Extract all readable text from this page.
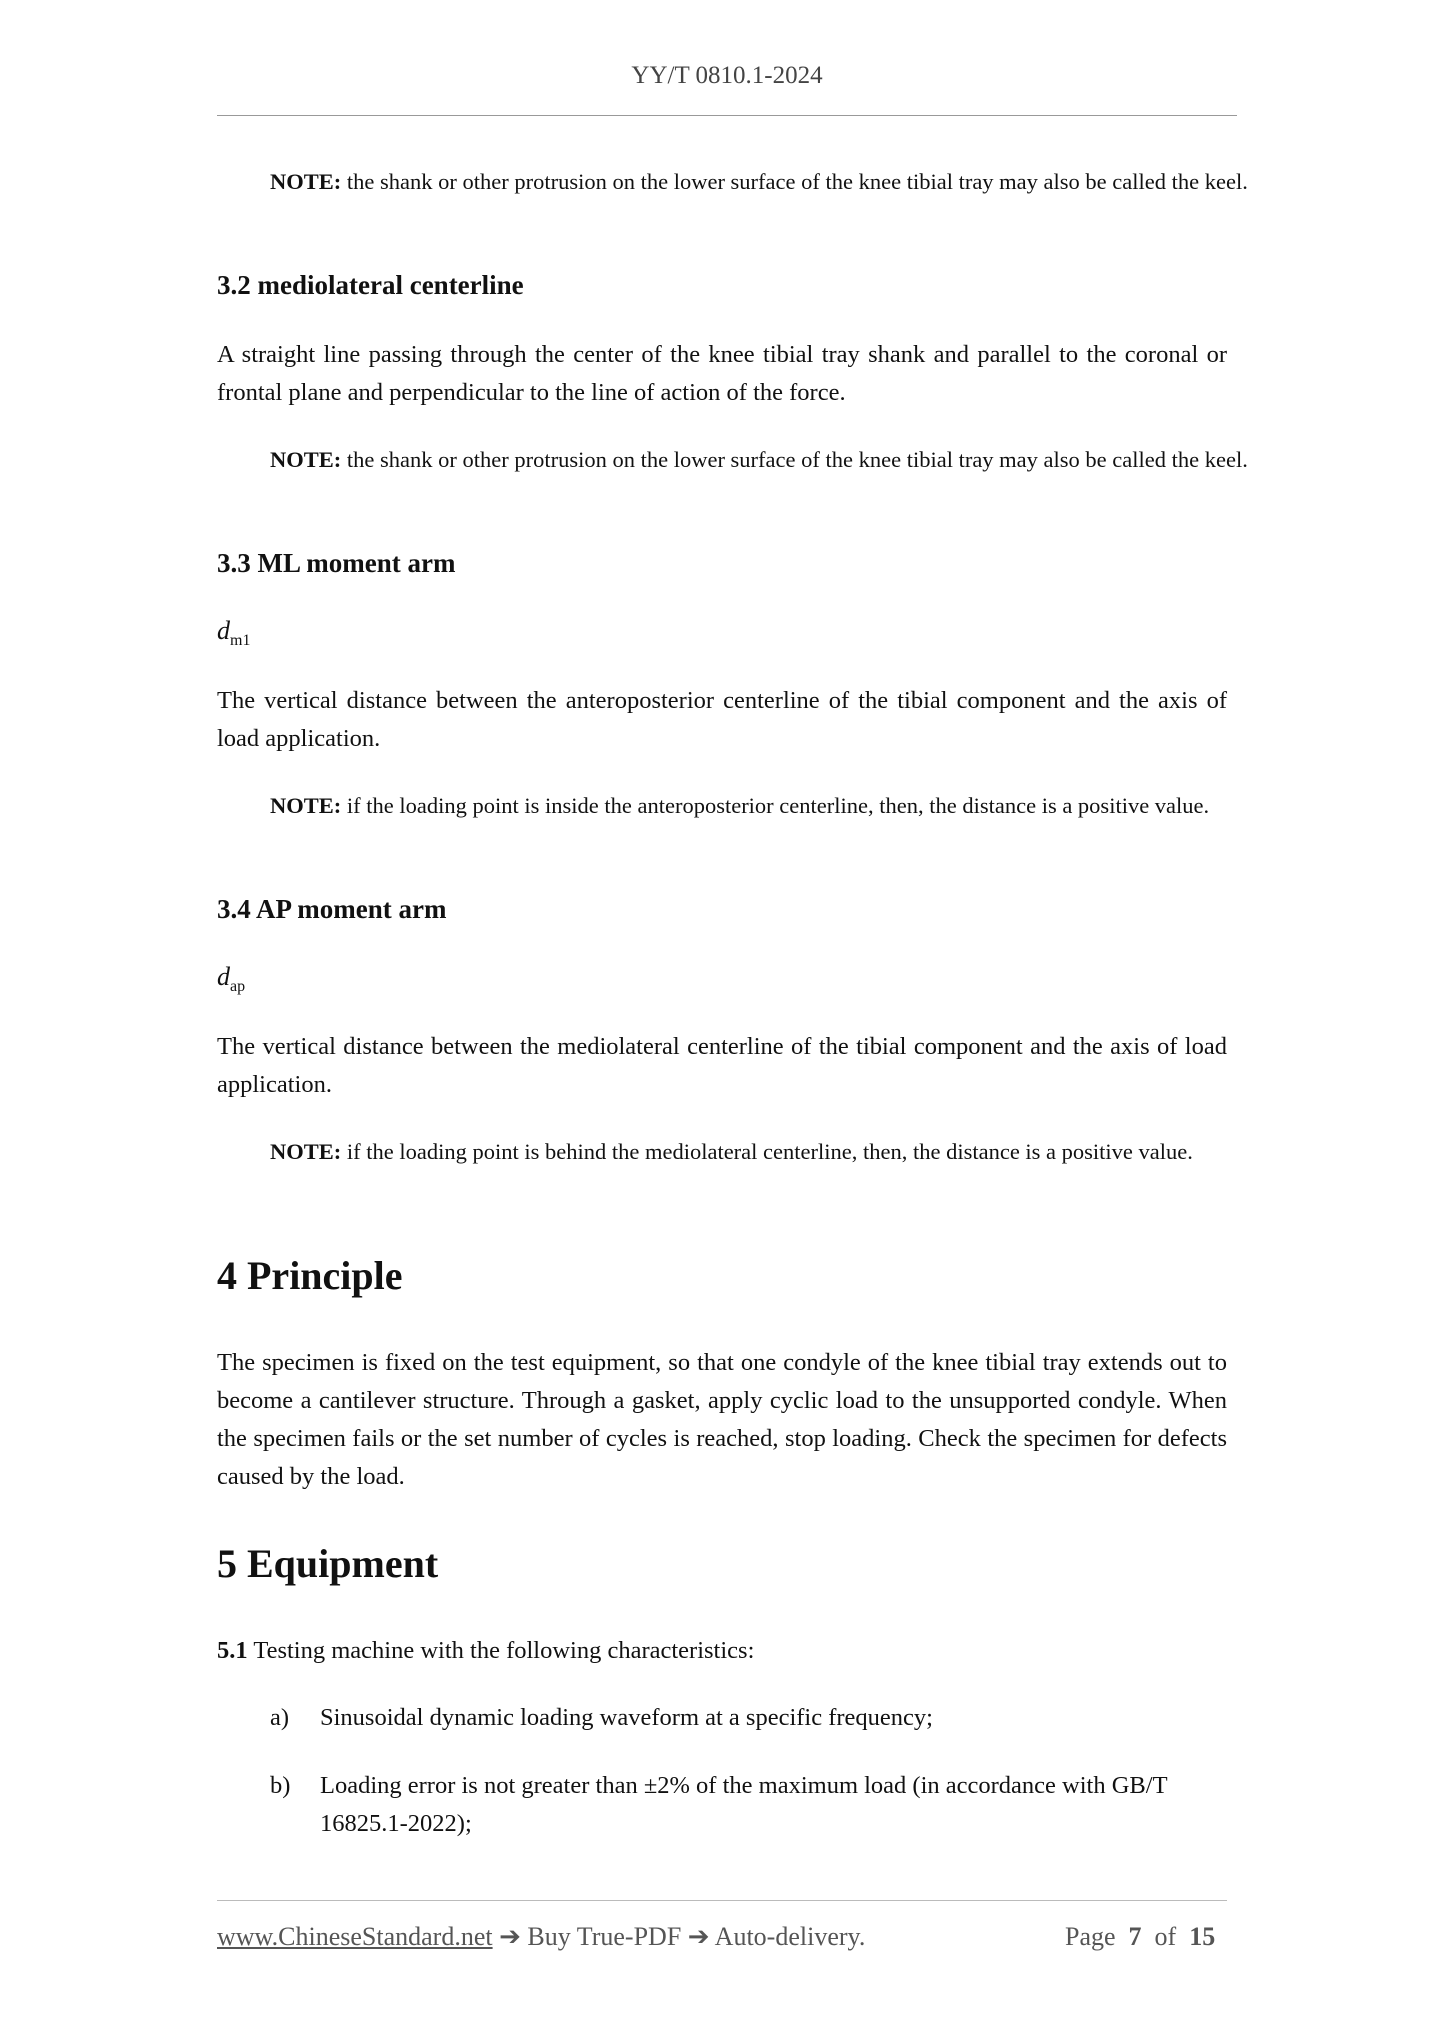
YY/T 0810.1-2024
NOTE: the shank or other protrusion on the lower surface of the knee tibial tray may also be called the keel.
3.2 mediolateral centerline
A straight line passing through the center of the knee tibial tray shank and parallel to the coronal or frontal plane and perpendicular to the line of action of the force.
NOTE: the shank or other protrusion on the lower surface of the knee tibial tray may also be called the keel.
3.3 ML moment arm
$d_{m1}$
The vertical distance between the anteroposterior centerline of the tibial component and the axis of load application.
NOTE: if the loading point is inside the anteroposterior centerline, then, the distance is a positive value.
3.4 AP moment arm
$d_{ap}$
The vertical distance between the mediolateral centerline of the tibial component and the axis of load application.
NOTE: if the loading point is behind the mediolateral centerline, then, the distance is a positive value.
4 Principle
The specimen is fixed on the test equipment, so that one condyle of the knee tibial tray extends out to become a cantilever structure. Through a gasket, apply cyclic load to the unsupported condyle. When the specimen fails or the set number of cycles is reached, stop loading. Check the specimen for defects caused by the load.
5 Equipment
5.1 Testing machine with the following characteristics:
a)	Sinusoidal dynamic loading waveform at a specific frequency;
b)	Loading error is not greater than ±2% of the maximum load (in accordance with GB/T 16825.1-2022);
www.ChineseStandard.net ➔ Buy True-PDF ➔ Auto-delivery.	Page 7 of 15
